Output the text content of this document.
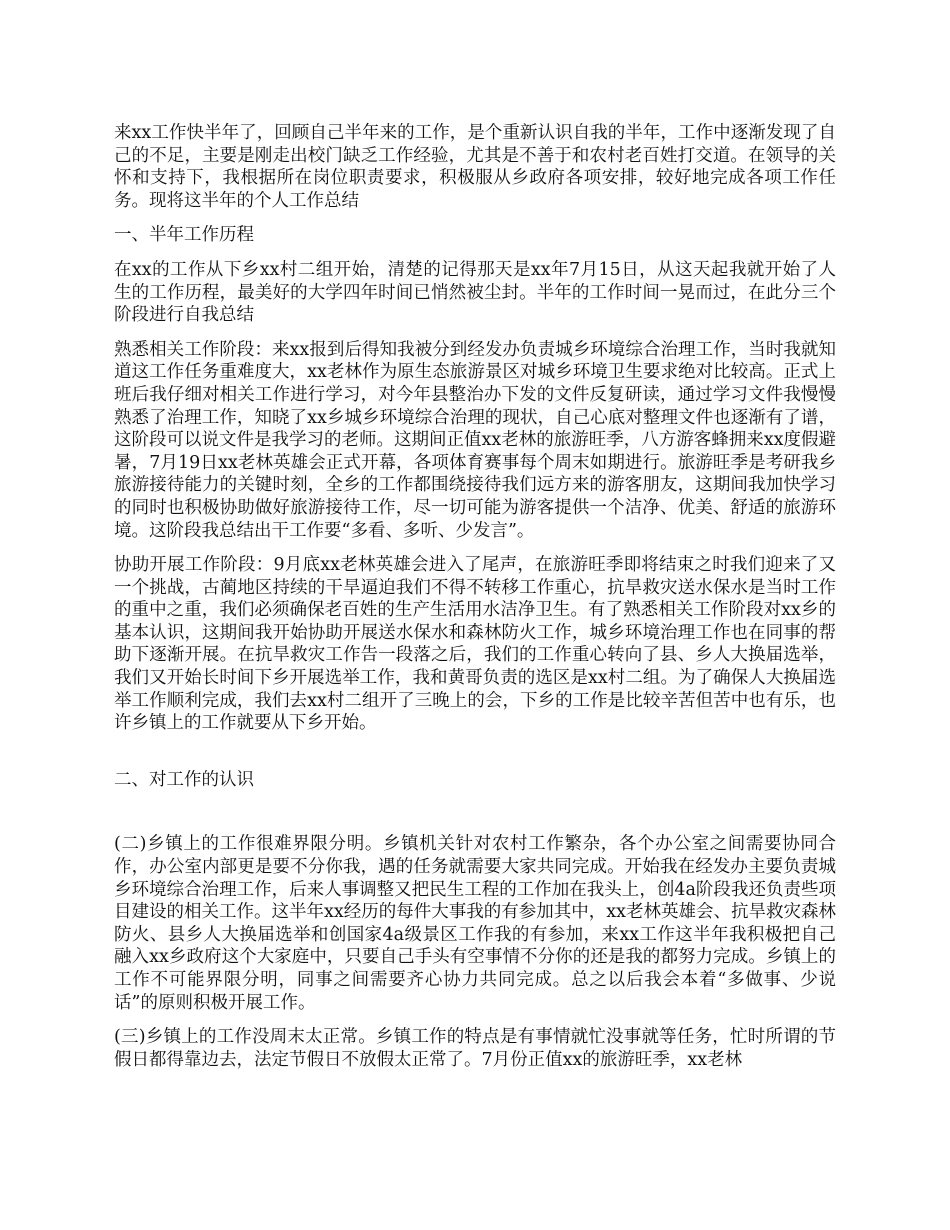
来xx工作快半年了，回顾自己半年来的工作，是个重新认识自我的半年，工作中逐渐发现了自己的不足，主要是刚走出校门缺乏工作经验，尤其是不善于和农村老百姓打交道。在领导的关怀和支持下，我根据所在岗位职责要求，积极服从乡政府各项安排，较好地完成各项工作任务。现将这半年的个人工作总结

一、半年工作历程

在xx的工作从下乡xx村二组开始，清楚的记得那天是xx年7月15日，从这天起我就开始了人生的工作历程，最美好的大学四年时间已悄然被尘封。半年的工作时间一晃而过，在此分三个阶段进行自我总结

熟悉相关工作阶段：来xx报到后得知我被分到经发办负责城乡环境综合治理工作，当时我就知道这工作任务重难度大，xx老林作为原生态旅游景区对城乡环境卫生要求绝对比较高。正式上班后我仔细对相关工作进行学习，对今年县整治办下发的文件反复研读，通过学习文件我慢慢熟悉了治理工作，知晓了xx乡城乡环境综合治理的现状，自己心底对整理文件也逐渐有了谱，这阶段可以说文件是我学习的老师。这期间正值xx老林的旅游旺季，八方游客蜂拥来xx度假避暑，7月19日xx老林英雄会正式开幕，各项体育赛事每个周末如期进行。旅游旺季是考研我乡旅游接待能力的关键时刻，全乡的工作都围绕接待我们远方来的游客朋友，这期间我加快学习的同时也积极协助做好旅游接待工作，尽一切可能为游客提供一个洁净、优美、舒适的旅游环境。这阶段我总结出干工作要“多看、多听、少发言”。

协助开展工作阶段：9月底xx老林英雄会进入了尾声，在旅游旺季即将结束之时我们迎来了又一个挑战，古蔺地区持续的干旱逼迫我们不得不转移工作重心，抗旱救灾送水保水是当时工作的重中之重，我们必须确保老百姓的生产生活用水洁净卫生。有了熟悉相关工作阶段对xx乡的基本认识，这期间我开始协助开展送水保水和森林防火工作，城乡环境治理工作也在同事的帮助下逐渐开展。在抗旱救灾工作告一段落之后，我们的工作重心转向了县、乡人大换届选举，我们又开始长时间下乡开展选举工作，我和黄哥负责的选区是xx村二组。为了确保人大换届选举工作顺利完成，我们去xx村二组开了三晚上的会，下乡的工作是比较辛苦但苦中也有乐，也许乡镇上的工作就要从下乡开始。

二、对工作的认识

(二)乡镇上的工作很难界限分明。乡镇机关针对农村工作繁杂，各个办公室之间需要协同合作，办公室内部更是要不分你我，遇的任务就需要大家共同完成。开始我在经发办主要负责城乡环境综合治理工作，后来人事调整又把民生工程的工作加在我头上，创4a阶段我还负责些项目建设的相关工作。这半年xx经历的每件大事我的有参加其中，xx老林英雄会、抗旱救灾森林防火、县乡人大换届选举和创国家4a级景区工作我的有参加，来xx工作这半年我积极把自己融入xx乡政府这个大家庭中，只要自己手头有空事情不分你的还是我的都努力完成。乡镇上的工作不可能界限分明，同事之间需要齐心协力共同完成。总之以后我会本着“多做事、少说话”的原则积极开展工作。

(三)乡镇上的工作没周末太正常。乡镇工作的特点是有事情就忙没事就等任务，忙时所谓的节假日都得靠边去，法定节假日不放假太正常了。7月份正值xx的旅游旺季，xx老林
